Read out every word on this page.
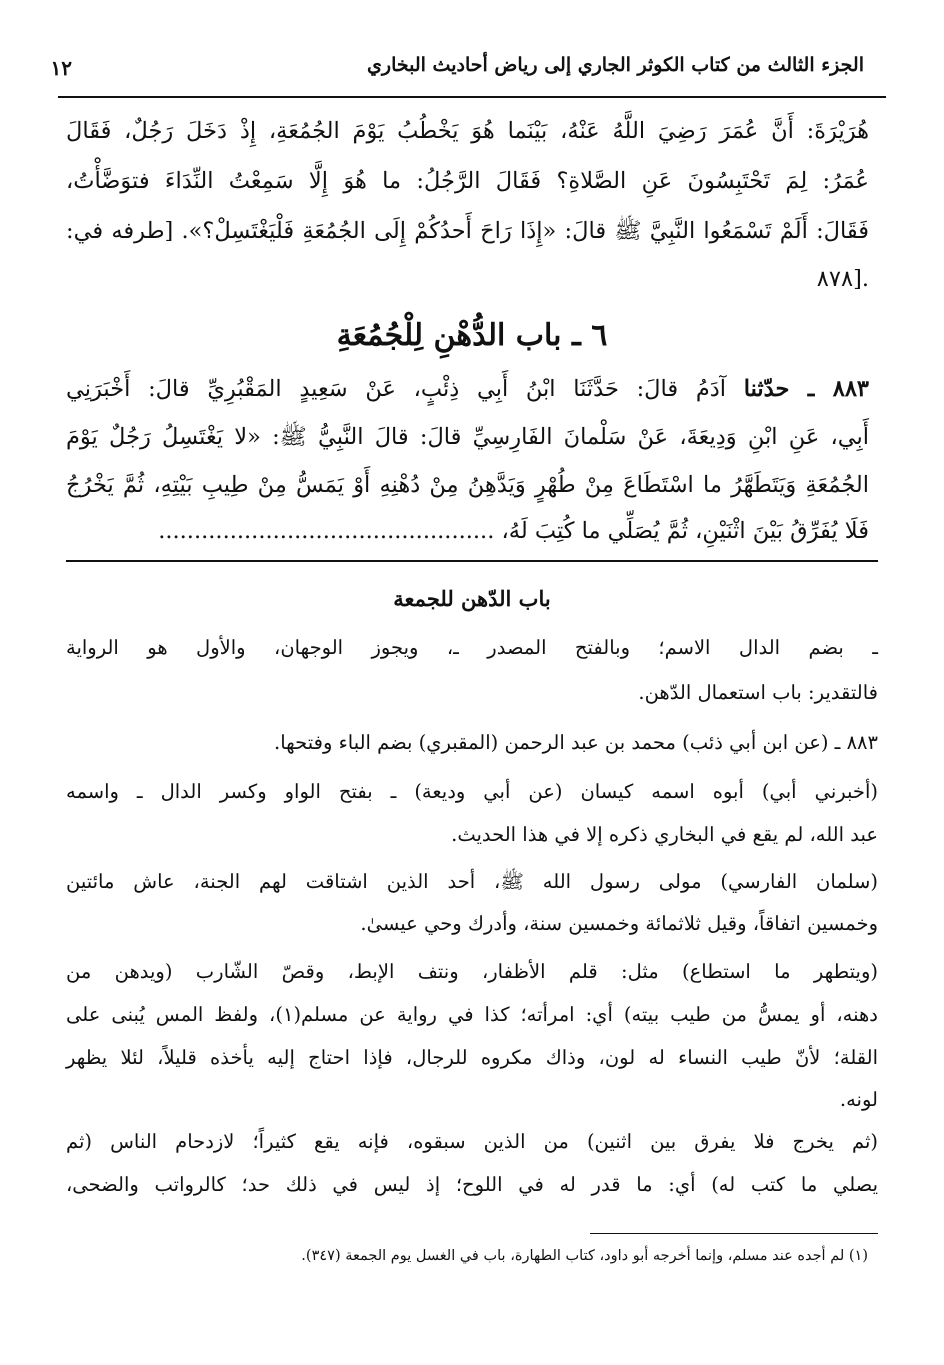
١٢	الجزء الثالث من كتاب الكوثر الجاري إلى رياض أحاديث البخاري
هُرَيْرَةَ: أَنَّ عُمَرَ رَضِيَ اللَّهُ عَنْهُ، بَيْنَما هُوَ يَخْطُبُ يَوْمَ الجُمُعَةِ، إِذْ دَخَلَ رَجُلٌ، فَقَالَ
عُمَرُ: لِمَ تَحْتَبِسُونَ عَنِ الصَّلاةِ؟ فَقَالَ الرَّجُلُ: ما هُوَ إِلَّا سَمِعْتُ النِّدَاءَ فتوَضَّأْتُ،
فَقَالَ: أَلَمْ تَسْمَعُوا النَّبِيَّ ﷺ قالَ: «إِذَا رَاحَ أَحدُكُمْ إِلَى الجُمُعَةِ فَلْيَغْتَسِلْ؟». [طرفه في:
٨٧٨].
٦ ـ باب الدُّهْنِ لِلْجُمُعَةِ
٨٨٣ ـ حدّثنا آدَمُ قالَ: حَدَّثَنَا ابْنُ أَبِي ذِئْبٍ، عَنْ سَعِيدٍ المَقْبُرِيِّ قالَ: أَخْبَرَنِي
أَبِي، عَنِ ابْنِ وَدِيعَةَ، عَنْ سَلْمانَ الفَارِسِيِّ قالَ: قالَ النَّبِيُّ ﷺ: «لا يَغْتَسِلُ رَجُلٌ يَوْمَ
الجُمُعَةِ وَيَتَطَهَّرُ ما اسْتَطَاعَ مِنْ طُهْرٍ وَيَدَّهِنُ مِنْ دُهْنِهِ أَوْ يَمَسُّ مِنْ طِيبِ بَيْتِهِ، ثُمَّ يَخْرُجُ
فَلَا يُفَرِّقُ بَيْنَ اثْنَيْنِ، ثُمَّ يُصَلِّي ما كُتِبَ لَهُ، ...............................................
باب الدّهن للجمعة
ـ بضم الدال الاسم؛ وبالفتح المصدر ـ، ويجوز الوجهان، والأول هو الرواية
فالتقدير: باب استعمال الدّهن.
٨٨٣ ـ (عن ابن أبي ذئب) محمد بن عبد الرحمن (المقبري) بضم الباء وفتحها.
(أخبرني أبي) أبوه اسمه كيسان (عن أبي وديعة) ـ بفتح الواو وكسر الدال ـ واسمه
عبد الله، لم يقع في البخاري ذكره إلا في هذا الحديث.
(سلمان الفارسي) مولى رسول الله ﷺ، أحد الذين اشتاقت لهم الجنة، عاش مائتين
وخمسين اتفاقاً، وقيل ثلاثمائة وخمسين سنة، وأدرك وحي عيسىٰ.
(ويتطهر ما استطاع) مثل: قلم الأظفار، ونتف الإبط، وقصّ الشّارب (ويدهن من
دهنه، أو يمسُّ من طيب بيته) أي: امرأته؛ كذا في رواية عن مسلم(١)، ولفظ المس يُبنى على
القلة؛ لأنّ طيب النساء له لون، وذاك مكروه للرجال، فإذا احتاج إليه يأخذه قليلاً، لئلا يظهر
لونه.
(ثم يخرج فلا يفرق بين اثنين) من الذين سبقوه، فإنه يقع كثيراً؛ لازدحام الناس (ثم
يصلي ما كتب له) أي: ما قدر له في اللوح؛ إذ ليس في ذلك حد؛ كالرواتب والضحى،
(١) لم أجده عند مسلم، وإنما أخرجه أبو داود، كتاب الطهارة، باب في الغسل يوم الجمعة (٣٤٧).
